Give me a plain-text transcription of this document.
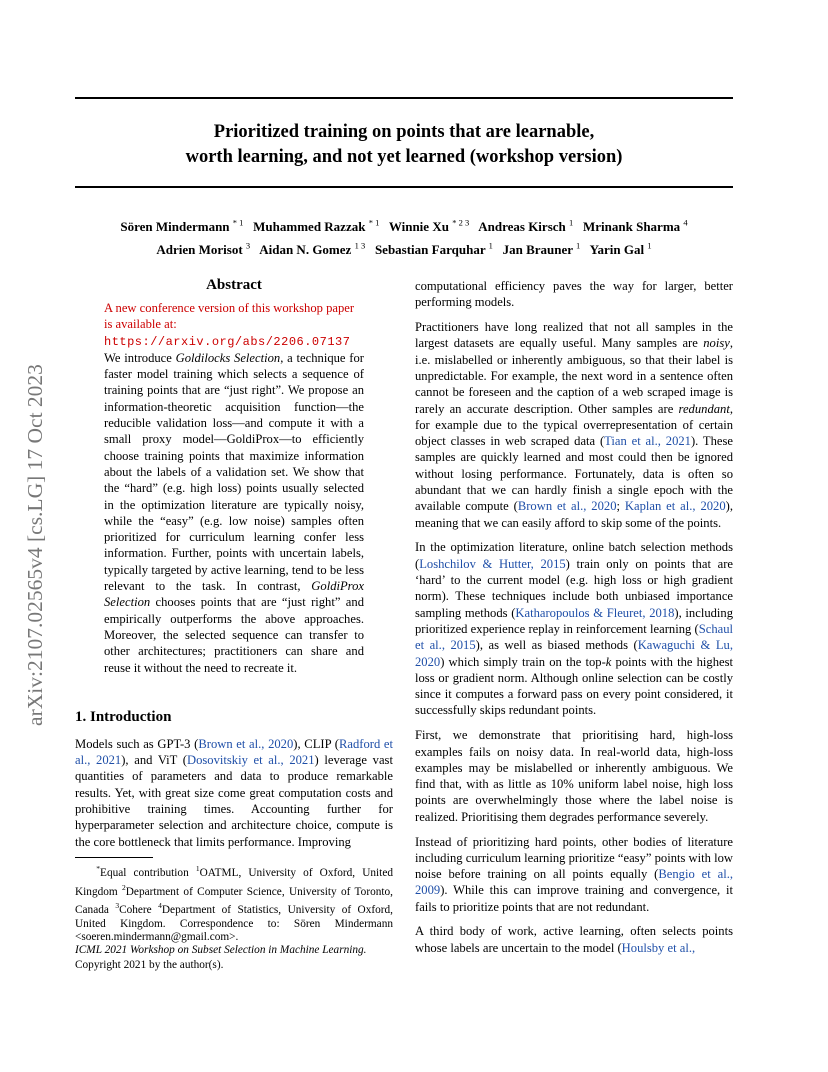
Prioritized training on points that are learnable,
worth learning, and not yet learned (workshop version)
Sören Mindermann $^{* 1}$ Muhammed Razzak $^{* 1}$ Winnie Xu $^{* 2 3}$ Andreas Kirsch $^1$ Mrinank Sharma $^4$
Adrien Morisot $^3$ Aidan N. Gomez $^{1 3}$ Sebastian Farquhar $^1$ Jan Brauner $^1$ Yarin Gal $^1$
arXiv:2107.02565v4 [cs.LG] 17 Oct 2023
Abstract

A new conference version of this workshop paper is available at:
https://arxiv.org/abs/2206.07137

We introduce Goldilocks Selection, a technique for faster model training which selects a sequence of training points that are “just right”. We propose an information-theoretic acquisition function—the reducible validation loss—and compute it with a small proxy model—GoldiProx—to efficiently choose training points that maximize information about the labels of a validation set. We show that the “hard” (e.g. high loss) points usually selected in the optimization literature are typically noisy, while the “easy” (e.g. low noise) samples often prioritized for curriculum learning confer less information. Further, points with uncertain labels, typically targeted by active learning, tend to be less relevant to the task. In contrast, GoldiProx Selection chooses points that are “just right” and empirically outperforms the above approaches. Moreover, the selected sequence can transfer to other architectures; practitioners can share and reuse it without the need to recreate it.

1. Introduction

Models such as GPT-3 (Brown et al., 2020), CLIP (Radford et al., 2021), and ViT (Dosovitskiy et al., 2021) leverage vast quantities of parameters and data to produce remarkable results. Yet, with great size come great computation costs and prohibitive training times. Accounting further for hyperparameter selection and architecture choice, compute is the core bottleneck that limits performance. Improving

*Equal contribution $^1$OATML, University of Oxford, United Kingdom $^2$Department of Computer Science, University of Toronto, Canada $^3$Cohere $^4$Department of Statistics, University of Oxford, United Kingdom. Correspondence to: Sören Mindermann <soeren.mindermann@gmail.com>.
ICML 2021 Workshop on Subset Selection in Machine Learning.
Copyright 2021 by the author(s).

computational efficiency paves the way for larger, better performing models.

Practitioners have long realized that not all samples in the largest datasets are equally useful. Many samples are noisy, i.e. mislabelled or inherently ambiguous, so that their label is unpredictable. For example, the next word in a sentence often cannot be foreseen and the caption of a web scraped image is rarely an accurate description. Other samples are redundant, for example due to the typical overrepresentation of certain object classes in web scraped data (Tian et al., 2021). These samples are quickly learned and most could then be ignored without losing performance. Fortunately, data is often so abundant that we can hardly finish a single epoch with the available compute (Brown et al., 2020; Kaplan et al., 2020), meaning that we can easily afford to skip some of the points.

In the optimization literature, online batch selection methods (Loshchilov & Hutter, 2015) train only on points that are ‘hard’ to the current model (e.g. high loss or high gradient norm). These techniques include both unbiased importance sampling methods (Katharopoulos & Fleuret, 2018), including prioritized experience replay in reinforcement learning (Schaul et al., 2015), as well as biased methods (Kawaguchi & Lu, 2020) which simply train on the top-k points with the highest loss or gradient norm. Although online selection can be costly since it computes a forward pass on every point considered, it successfully skips redundant points.

First, we demonstrate that prioritising hard, high-loss examples fails on noisy data. In real-world data, high-loss examples may be mislabelled or inherently ambiguous. We find that, with as little as 10% uniform label noise, high loss points are overwhelmingly those where the label noise is realized. Prioritising them degrades performance severely.

Instead of prioritizing hard points, other bodies of literature including curriculum learning prioritize “easy” points with low noise before training on all points equally (Bengio et al., 2009). While this can improve training and convergence, it fails to prioritize points that are not redundant.

A third body of work, active learning, often selects points whose labels are uncertain to the model (Houlsby et al.,
